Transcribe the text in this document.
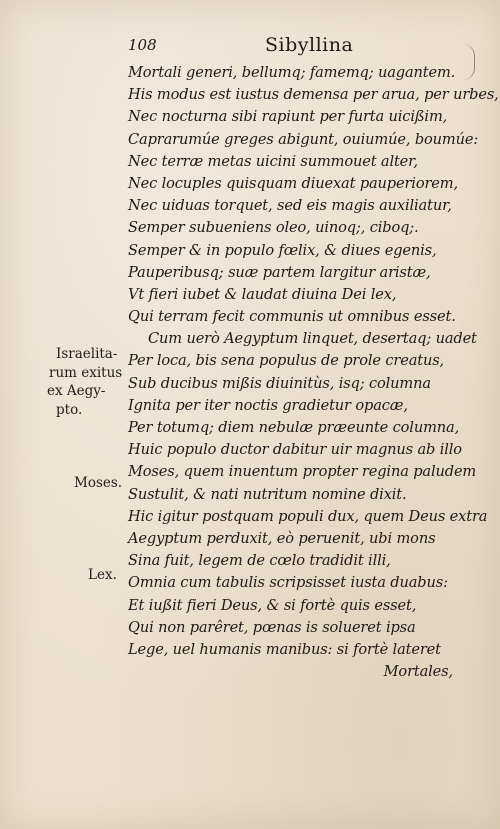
108	Sibyllina
Mortali generi, bellumq; famemq; uagantem.
His modus est iustus demensa per arua, per urbes,
Nec nocturna sibi rapiunt per furta uicißim,
Caprarumúe greges abigunt, ouiumúe, boumúe:
Nec terræ metas uicini summouet alter,
Nec locuples quisquam diuexat pauperiorem,
Nec uiduas torquet, sed eis magis auxiliatur,
Semper subueniens oleo, uinoq;, ciboq;.
Semper & in populo fœlix, & diues egenis,
Pauperibusq; suæ partem largitur aristæ,
Vt fieri iubet & laudat diuina Dei lex,
Qui terram fecit communis ut omnibus esset.
Cum uerò Aegyptum linquet, desertaq; uadet
Per loca, bis sena populus de prole creatus,
Sub ducibus mißis diuinitùs, isq; columna
Ignita per iter noctis gradietur opacæ,
Per totumq; diem nebulæ præeunte columna,
Huic populo ductor dabitur uir magnus ab illo
Moses, quem inuentum propter regina paludem
Sustulit, & nati nutritum nomine dixit.
Hic igitur postquam populi dux, quem Deus extra
Aegyptum perduxit, eò peruenit, ubi mons
Sina fuit, legem de cœlo tradidit illi,
Omnia cum tabulis scripsisset iusta duabus:
Et iußit fieri Deus, & si fortè quis esset,
Qui non parêret, pœnas is solueret ipsa
Lege, uel humanis manibus: si fortè lateret
Mortales,
Israelita-
rum exitus
ex Aegy-
pto.
Moses.
Lex.
